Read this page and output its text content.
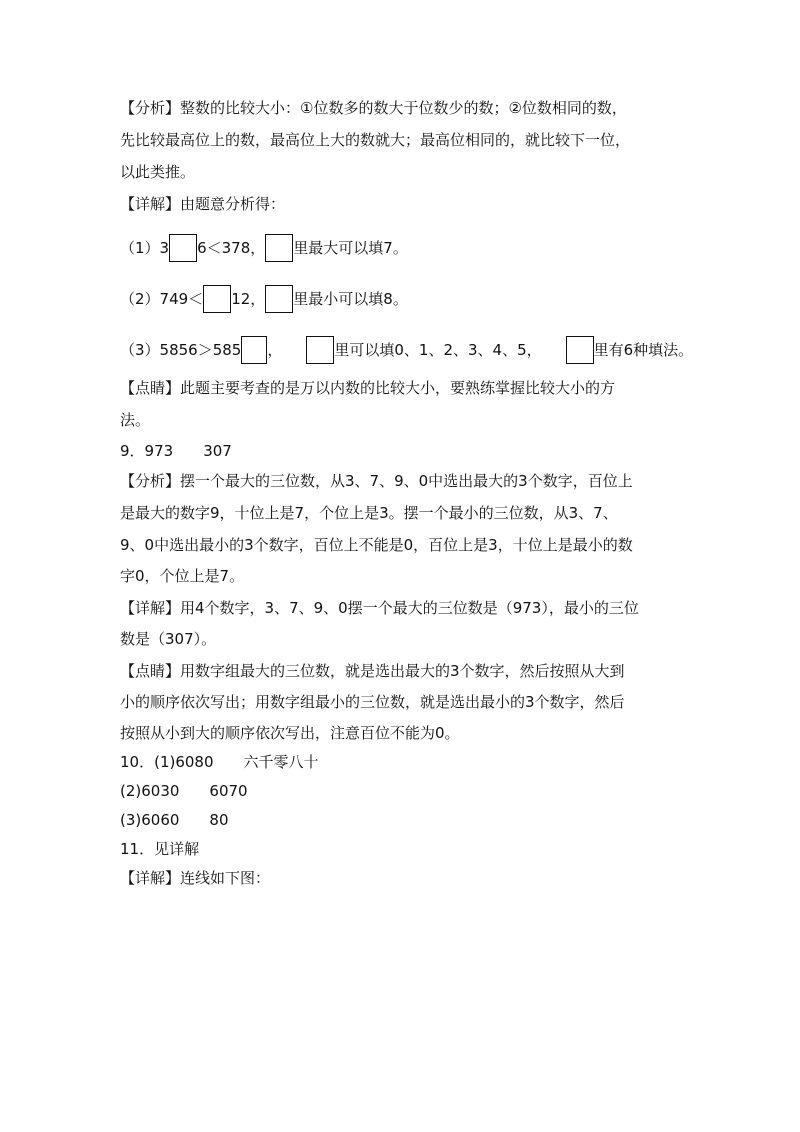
【分析】整数的比较大小：①位数多的数大于位数少的数；②位数相同的数，
先比较最高位上的数，最高位上大的数就大；最高位相同的，就比较下一位，
以此类推。
【详解】由题意分析得：
（1）3 6＜378， 里最大可以填7。
（2）749＜ 12， 里最小可以填8。
（3）5856＞585 ，	里可以填0、1、2、3、4、5，	里有6种填法。
【点睛】此题主要考查的是万以内数的比较大小，要熟练掌握比较大小的方
法。
9．973 307
【分析】摆一个最大的三位数，从3、7、9、0中选出最大的3个数字，百位上
是最大的数字9，十位上是7，个位上是3。摆一个最小的三位数，从3、7、
9、0中选出最小的3个数字，百位上不能是0，百位上是3，十位上是最小的数
字0，个位上是7。
【详解】用4个数字，3、7、9、0摆一个最大的三位数是（973），最小的三位
数是（307）。
【点睛】用数字组最大的三位数，就是选出最大的3个数字，然后按照从大到
小的顺序依次写出；用数字组最小的三位数，就是选出最小的3个数字，然后
按照从小到大的顺序依次写出，注意百位不能为0。
10．(1)6080 六千零八十
(2)6030 6070
(3)6060 80
11．见详解
【详解】连线如下图：
